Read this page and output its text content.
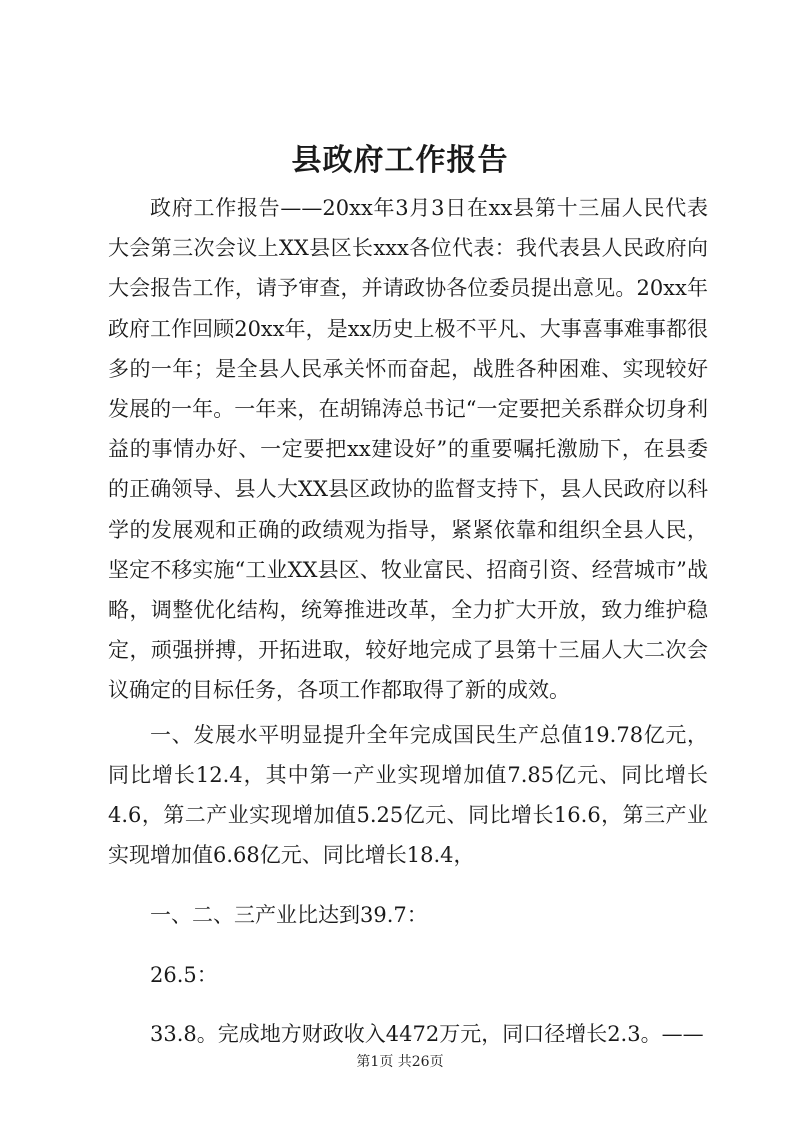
县政府工作报告

政府工作报告——20xx年3月3日在xx县第十三届人民代表大会第三次会议上XX县区长xxx各位代表：我代表县人民政府向大会报告工作，请予审查，并请政协各位委员提出意见。20xx年政府工作回顾20xx年，是xx历史上极不平凡、大事喜事难事都很多的一年；是全县人民承关怀而奋起，战胜各种困难、实现较好发展的一年。一年来，在胡锦涛总书记“一定要把关系群众切身利益的事情办好、一定要把xx建设好”的重要嘱托激励下，在县委的正确领导、县人大XX县区政协的监督支持下，县人民政府以科学的发展观和正确的政绩观为指导，紧紧依靠和组织全县人民，坚定不移实施“工业XX县区、牧业富民、招商引资、经营城市”战略，调整优化结构，统筹推进改革，全力扩大开放，致力维护稳定，顽强拼搏，开拓进取，较好地完成了县第十三届人大二次会议确定的目标任务，各项工作都取得了新的成效。

一、发展水平明显提升全年完成国民生产总值19.78亿元，同比增长12.4，其中第一产业实现增加值7.85亿元、同比增长4.6，第二产业实现增加值5.25亿元、同比增长16.6，第三产业实现增加值6.68亿元、同比增长18.4，

一、二、三产业比达到39.7：

26.5：

33.8。完成地方财政收入4472万元，同口径增长2.3。——

第1页 共26页
